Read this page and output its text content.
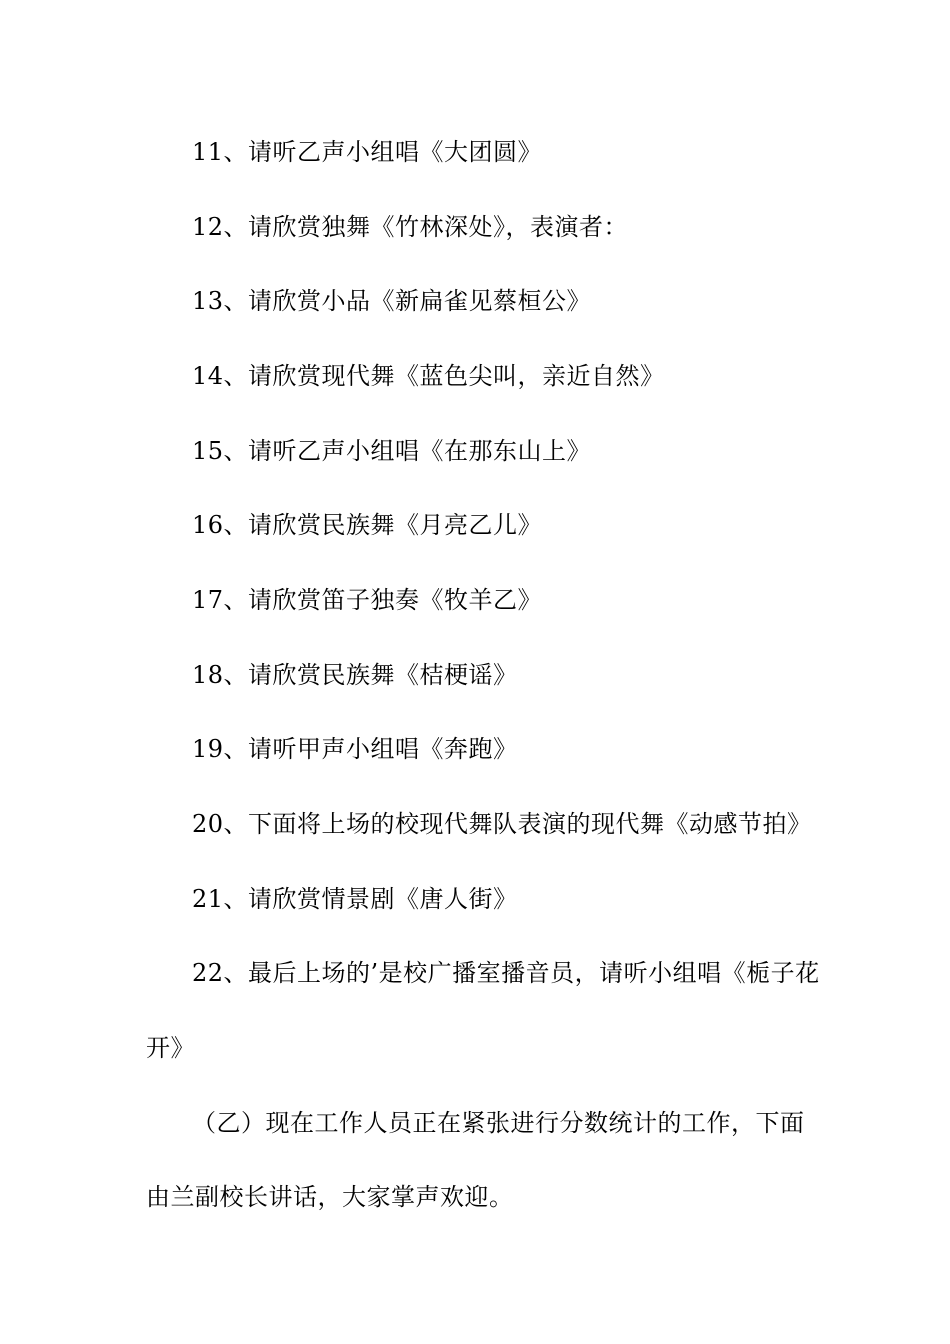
11、请听乙声小组唱《大团圆》
12、请欣赏独舞《竹林深处》，表演者：
13、请欣赏小品《新扁雀见蔡桓公》
14、请欣赏现代舞《蓝色尖叫，亲近自然》
15、请听乙声小组唱《在那东山上》
16、请欣赏民族舞《月亮乙儿》
17、请欣赏笛子独奏《牧羊乙》
18、请欣赏民族舞《桔梗谣》
19、请听甲声小组唱《奔跑》
20、下面将上场的校现代舞队表演的现代舞《动感节拍》
21、请欣赏情景剧《唐人街》
22、最后上场的’是校广播室播音员，请听小组唱《栀子花
开》
（乙）现在工作人员正在紧张进行分数统计的工作，下面
由兰副校长讲话，大家掌声欢迎。
